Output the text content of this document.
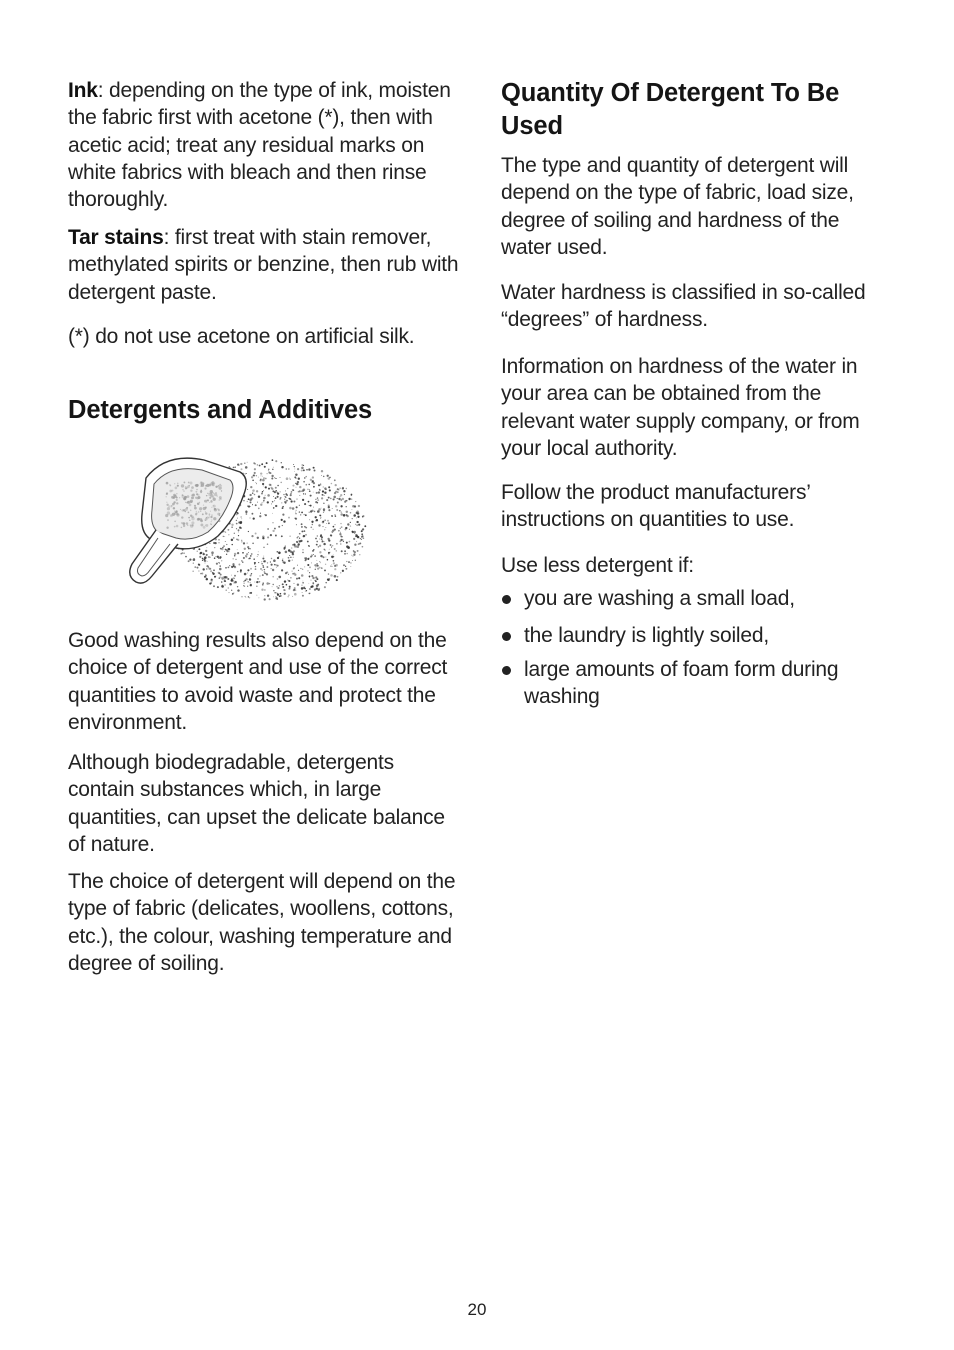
Ink: depending on the type of ink, moisten the fabric first with acetone (*), then with acetic acid; treat any residual marks on white fabrics with bleach and then rinse thoroughly.

Tar stains: first treat with stain remover, methylated spirits or benzine, then rub with detergent paste.

(*) do not use acetone on artificial silk.

Detergents and Additives

Good washing results also depend on the choice of detergent and use of the correct quantities to avoid waste and protect the environment.

Although biodegradable, detergents contain substances which, in large quantities, can upset the delicate balance of nature.

The choice of detergent will depend on the type of fabric (delicates, woollens, cottons, etc.), the colour, washing temperature and degree of soiling.

Quantity Of Detergent To Be Used

The type and quantity of detergent will depend on the type of fabric, load size, degree of soiling and hardness of the water used.

Water hardness is classified in so-called “degrees” of hardness.

Information on hardness of the water in your area can be obtained from the relevant water supply company, or from your local authority.

Follow the product manufacturers’ instructions on quantities to use.

Use less detergent if:

you are washing a small load,
the laundry is lightly soiled,
large amounts of foam form during washing
20
